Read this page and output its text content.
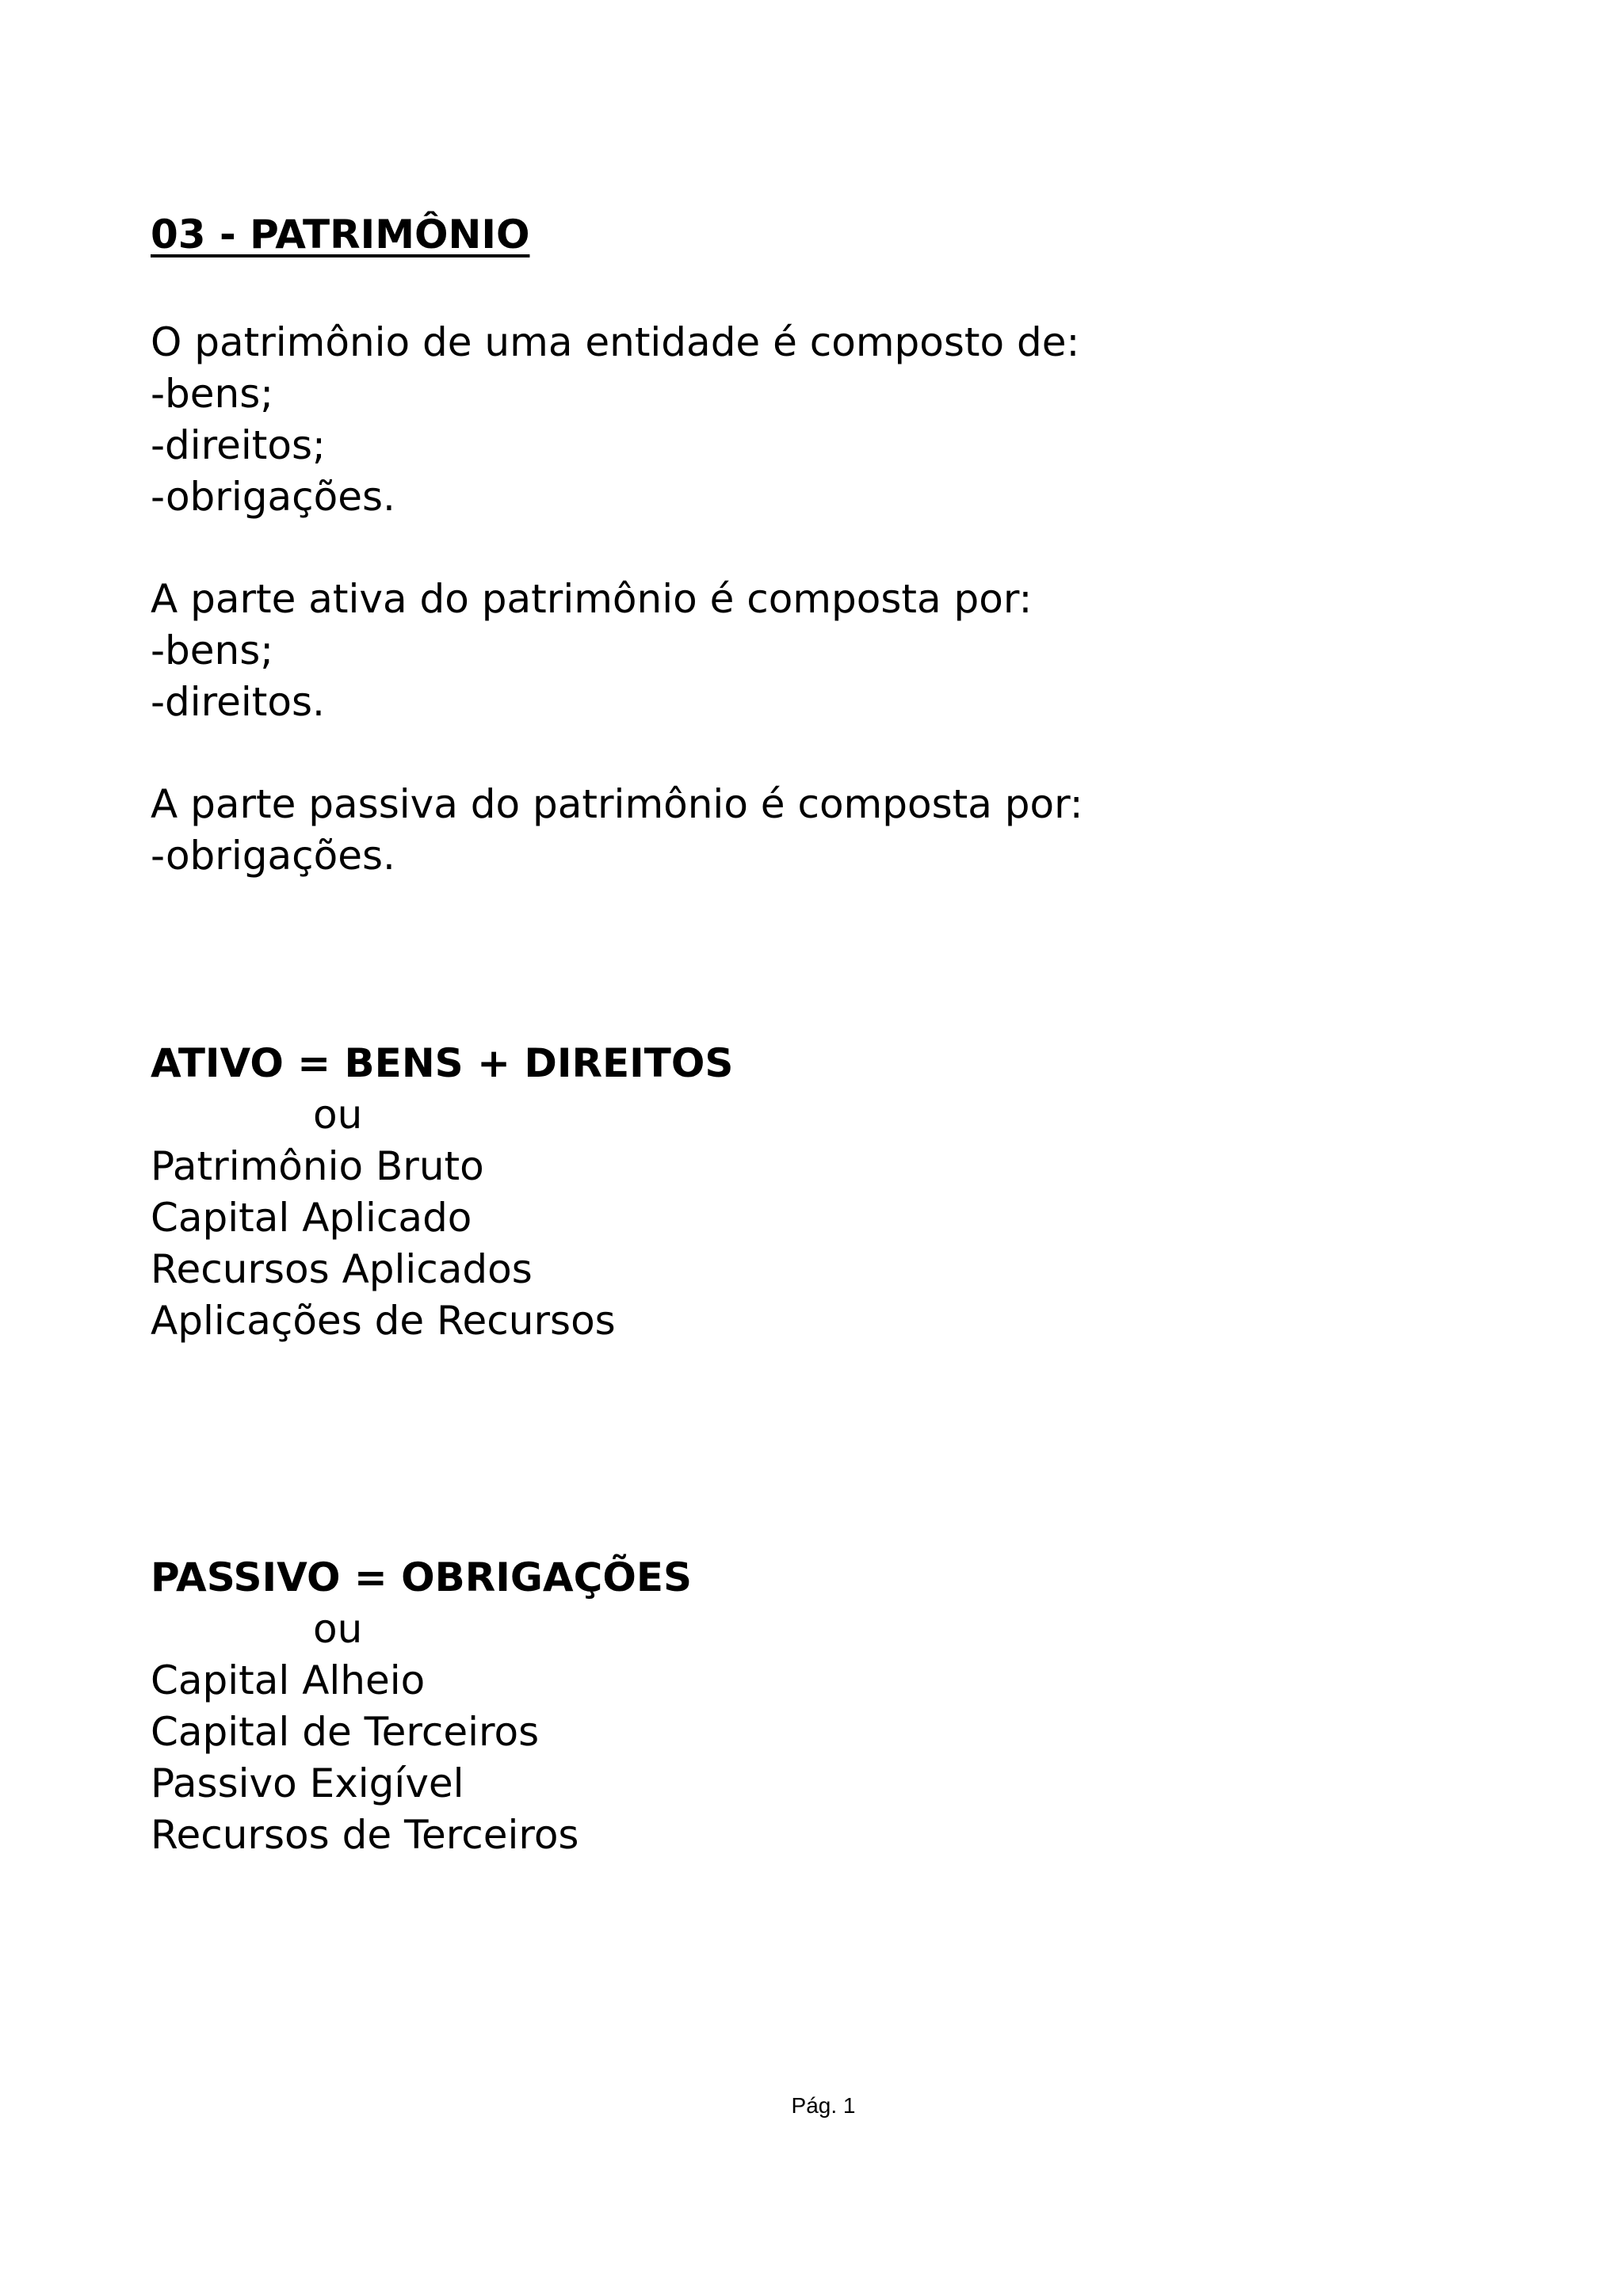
03 - PATRIMÔNIO
O patrimônio de uma entidade é composto de:
-bens;
-direitos;
-obrigações.
A parte ativa do patrimônio é composta por:
-bens;
-direitos.
A parte passiva do patrimônio é composta por:
-obrigações.
ATIVO = BENS + DIREITOS
ou
Patrimônio Bruto
Capital Aplicado
Recursos Aplicados
Aplicações de Recursos
PASSIVO = OBRIGAÇÕES
ou
Capital Alheio
Capital de Terceiros
Passivo Exigível
Recursos de Terceiros
Pág. 1
